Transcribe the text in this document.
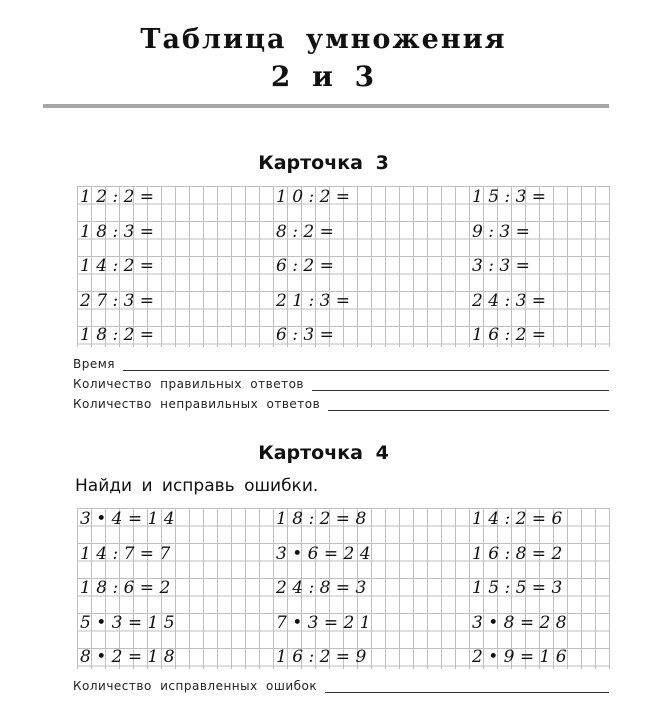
Таблица умножения
2 и 3
Карточка 3
1 2 : 2 =
1 8 : 3 =
1 4 : 2 =
2 7 : 3 =
1 8 : 2 =
1 0 : 2 =
8 : 2 =
6 : 2 =
2 1 : 3 =
6 : 3 =
1 5 : 3 =
9 : 3 =
3 : 3 =
2 4 : 3 =
1 6 : 2 =
Время
Количество правильных ответов
Количество неправильных ответов
Карточка 4
Найди и исправь ошибки.
3 • 4 = 1 4
1 4 : 7 = 7
1 8 : 6 = 2
5 • 3 = 1 5
8 • 2 = 1 8
1 8 : 2 = 8
3 • 6 = 2 4
2 4 : 8 = 3
7 • 3 = 2 1
1 6 : 2 = 9
1 4 : 2 = 6
1 6 : 8 = 2
1 5 : 5 = 3
3 • 8 = 2 8
2 • 9 = 1 6
Количество исправленных ошибок
